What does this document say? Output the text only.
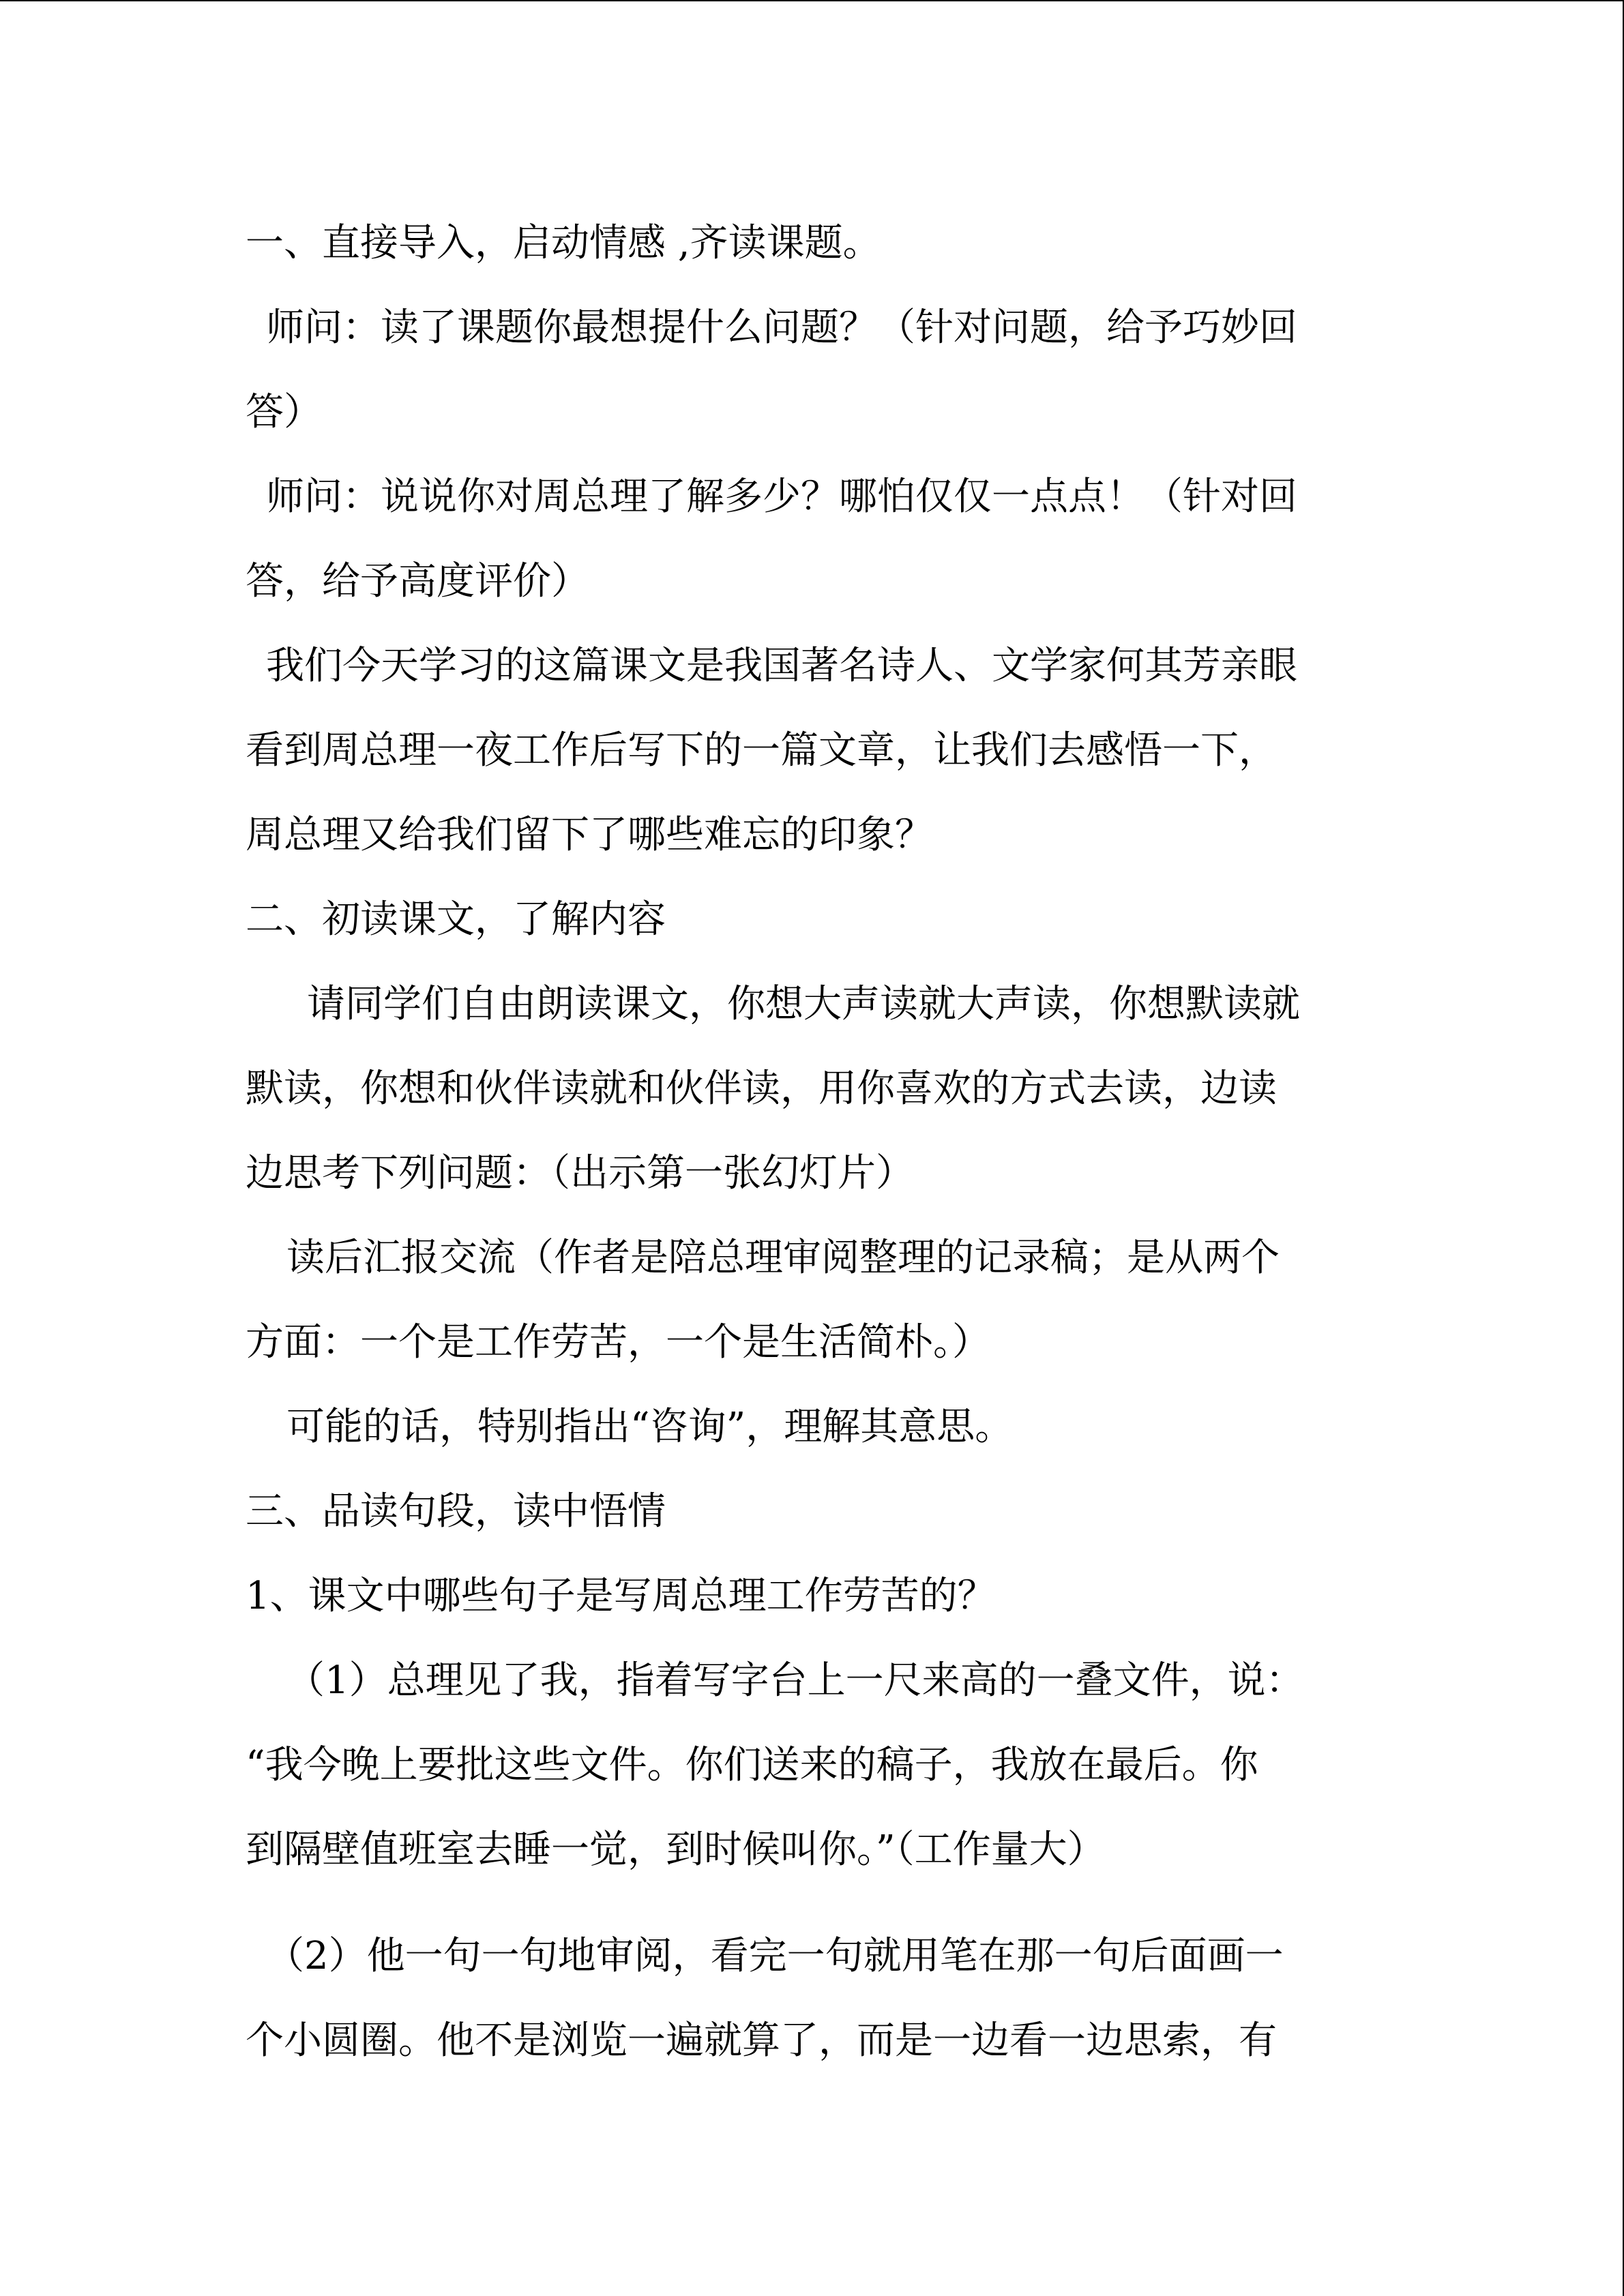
一、直接导入，启动情感 ,齐读课题。
师问：读了课题你最想提什么问题？（针对问题，给予巧妙回
答）
师问：说说你对周总理了解多少？哪怕仅仅一点点！（针对回
答，给予高度评价）
我们今天学习的这篇课文是我国著名诗人、文学家何其芳亲眼
看到周总理一夜工作后写下的一篇文章，让我们去感悟一下，
周总理又给我们留下了哪些难忘的印象？
二、初读课文，了解内容
请同学们自由朗读课文，你想大声读就大声读，你想默读就
默读，你想和伙伴读就和伙伴读，用你喜欢的方式去读，边读
边思考下列问题：（出示第一张幻灯片）
读后汇报交流（作者是陪总理审阅整理的记录稿；是从两个
方面：一个是工作劳苦，一个是生活简朴。）
可能的话，特别指出“咨询”，理解其意思。
三、品读句段，读中悟情
1、课文中哪些句子是写周总理工作劳苦的？
（1）总理见了我，指着写字台上一尺来高的一叠文件，说：
“我今晚上要批这些文件。你们送来的稿子，我放在最后。你
到隔壁值班室去睡一觉，到时候叫你。”（工作量大）
（2）他一句一句地审阅，看完一句就用笔在那一句后面画一
个小圆圈。他不是浏览一遍就算了，而是一边看一边思索，有
